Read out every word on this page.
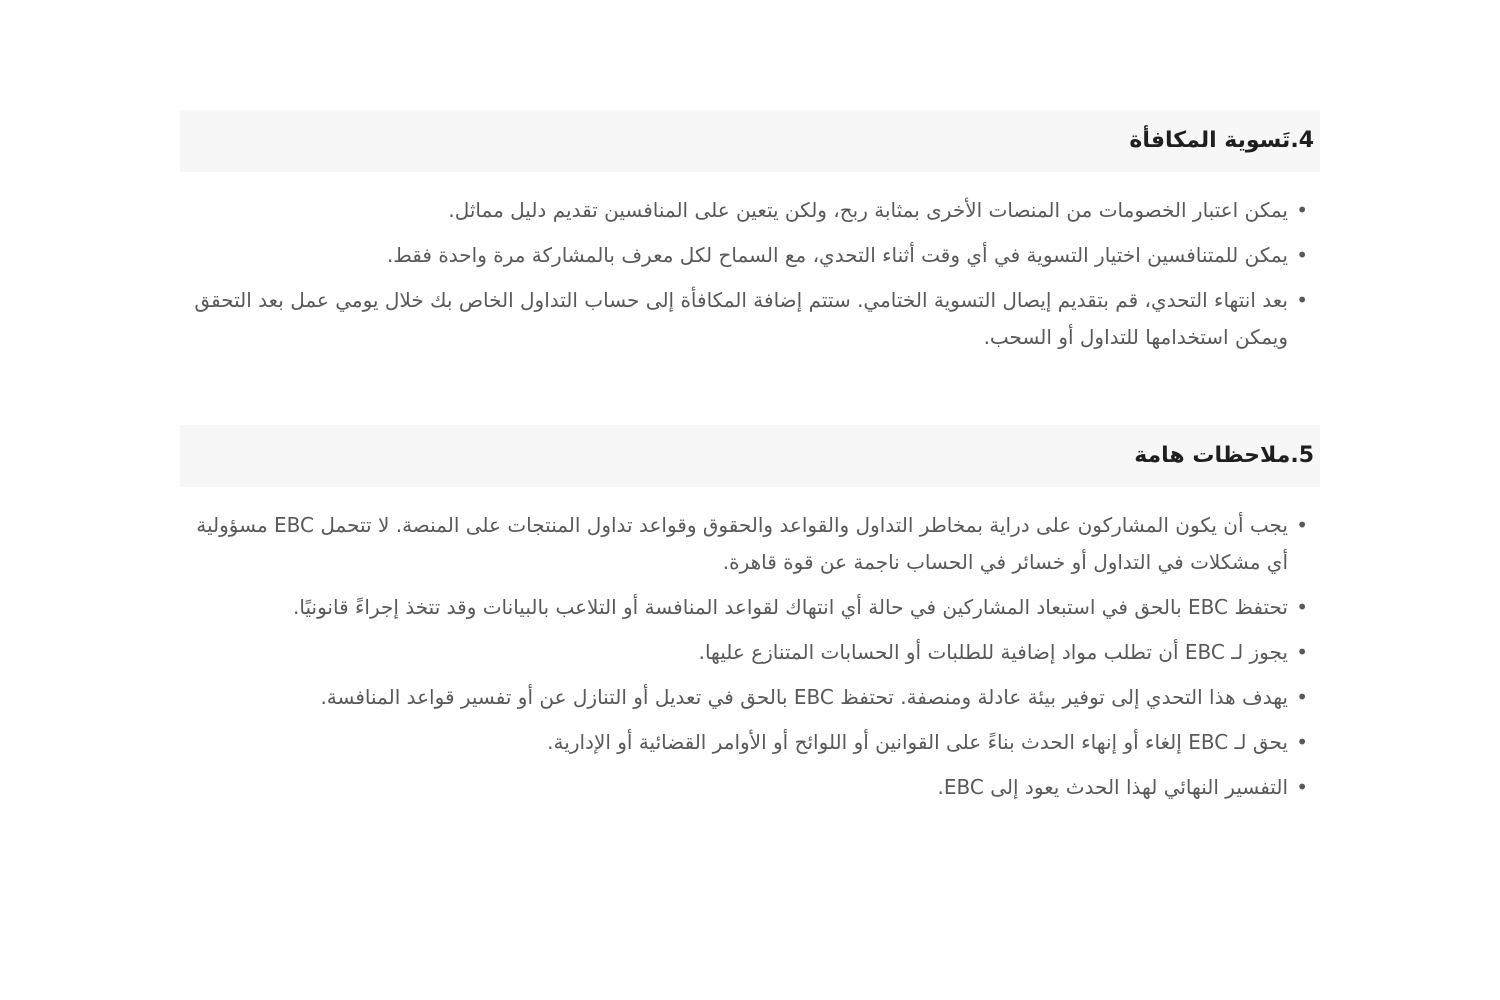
4.تَسوية المكافأة
• يمكن اعتبار الخصومات من المنصات الأخرى بمثابة ربح، ولكن يتعين على المنافسين تقديم دليل مماثل.
• يمكن للمتنافسين اختيار التسوية في أي وقت أثناء التحدي، مع السماح لكل معرف بالمشاركة مرة واحدة فقط.
• بعد انتهاء التحدي، قم بتقديم إيصال التسوية الختامي. ستتم إضافة المكافأة إلى حساب التداول الخاص بك خلال يومي عمل بعد التحقق ويمكن استخدامها للتداول أو السحب.
5.ملاحظات هامة
• يجب أن يكون المشاركون على دراية بمخاطر التداول والقواعد والحقوق وقواعد تداول المنتجات على المنصة. لا تتحمل EBC مسؤولية أي مشكلات في التداول أو خسائر في الحساب ناجمة عن قوة قاهرة.
• تحتفظ EBC بالحق في استبعاد المشاركين في حالة أي انتهاك لقواعد المنافسة أو التلاعب بالبيانات وقد تتخذ إجراءً قانونيًا.
• يجوز لـ EBC أن تطلب مواد إضافية للطلبات أو الحسابات المتنازع عليها.
• يهدف هذا التحدي إلى توفير بيئة عادلة ومنصفة. تحتفظ EBC بالحق في تعديل أو التنازل عن أو تفسير قواعد المنافسة.
• يحق لـ EBC إلغاء أو إنهاء الحدث بناءً على القوانين أو اللوائح أو الأوامر القضائية أو الإدارية.
• التفسير النهائي لهذا الحدث يعود إلى EBC.
